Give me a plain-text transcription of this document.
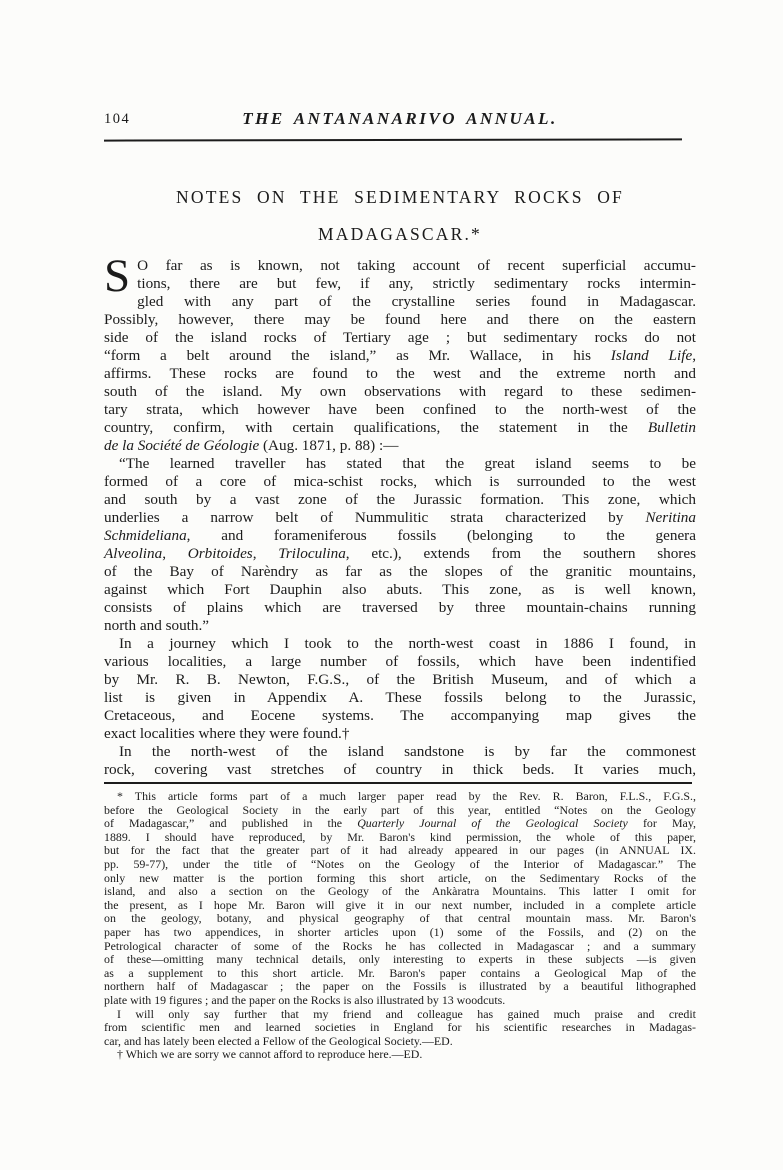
104	THE ANTANANARIVO ANNUAL.
NOTES ON THE SEDIMENTARY ROCKS OF
MADAGASCAR.*
S O far as is known, not taking account of recent superficial accumu-
tions, there are but few, if any, strictly sedimentary rocks intermin-
gled with any part of the crystalline series found in Madagascar.
Possibly, however, there may be found here and there on the eastern
side of the island rocks of Tertiary age ; but sedimentary rocks do not
“form a belt around the island,” as Mr. Wallace, in his Island Life,
affirms. These rocks are found to the west and the extreme north and
south of the island. My own observations with regard to these sedimen-
tary strata, which however have been confined to the north-west of the
country, confirm, with certain qualifications, the statement in the Bulletin
de la Société de Géologie (Aug. 1871, p. 88) :—
“The learned traveller has stated that the great island seems to be
formed of a core of mica-schist rocks, which is surrounded to the west
and south by a vast zone of the Jurassic formation. This zone, which
underlies a narrow belt of Nummulitic strata characterized by Neritina
Schmideliana, and forameniferous fossils (belonging to the genera
Alveolina, Orbitoides, Triloculina, etc.), extends from the southern shores
of the Bay of Narèndry as far as the slopes of the granitic mountains,
against which Fort Dauphin also abuts. This zone, as is well known,
consists of plains which are traversed by three mountain-chains running
north and south.”
In a journey which I took to the north-west coast in 1886 I found, in
various localities, a large number of fossils, which have been indentified
by Mr. R. B. Newton, F.G.S., of the British Museum, and of which a
list is given in Appendix A. These fossils belong to the Jurassic,
Cretaceous, and Eocene systems. The accompanying map gives the
exact localities where they were found.†
In the north-west of the island sandstone is by far the commonest
rock, covering vast stretches of country in thick beds. It varies much,
* This article forms part of a much larger paper read by the Rev. R. Baron, F.L.S., F.G.S.,
before the Geological Society in the early part of this year, entitled “Notes on the Geology
of Madagascar,” and published in the Quarterly Journal of the Geological Society for May,
1889. I should have reproduced, by Mr. Baron's kind permission, the whole of this paper,
but for the fact that the greater part of it had already appeared in our pages (in ANNUAL IX.
pp. 59-77), under the title of “Notes on the Geology of the Interior of Madagascar.” The
only new matter is the portion forming this short article, on the Sedimentary Rocks of the
island, and also a section on the Geology of the Ankàratra Mountains. This latter I omit for
the present, as I hope Mr. Baron will give it in our next number, included in a complete article
on the geology, botany, and physical geography of that central mountain mass. Mr. Baron's
paper has two appendices, in shorter articles upon (1) some of the Fossils, and (2) on the
Petrological character of some of the Rocks he has collected in Madagascar ; and a summary
of these—omitting many technical details, only interesting to experts in these subjects —is given
as a supplement to this short article. Mr. Baron's paper contains a Geological Map of the
northern half of Madagascar ; the paper on the Fossils is illustrated by a beautiful lithographed
plate with 19 figures ; and the paper on the Rocks is also illustrated by 13 woodcuts.
I will only say further that my friend and colleague has gained much praise and credit
from scientific men and learned societies in England for his scientific researches in Madagas-
car, and has lately been elected a Fellow of the Geological Society.—ED.
† Which we are sorry we cannot afford to reproduce here.—ED.
